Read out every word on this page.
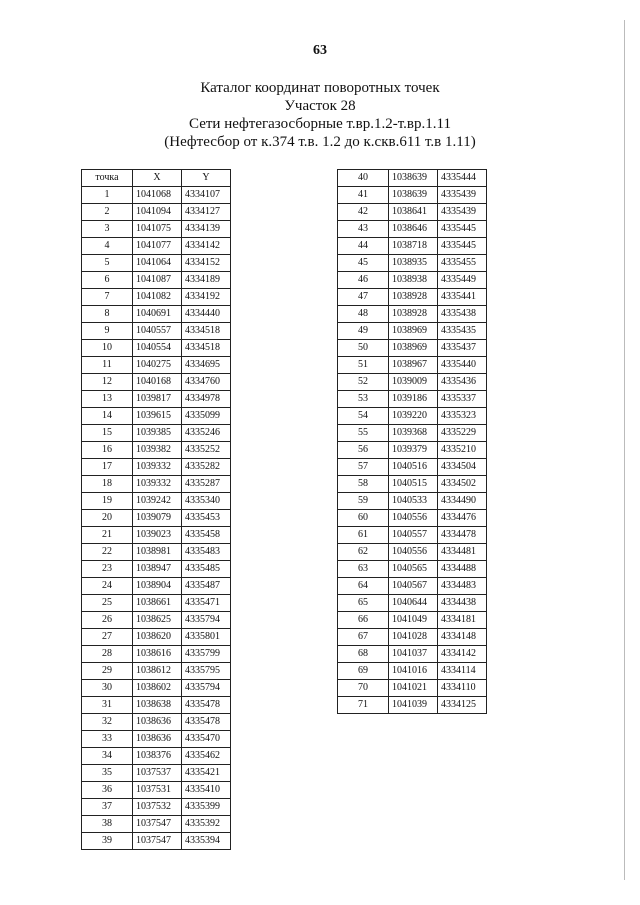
63
Каталог координат поворотных точек
Участок 28
Сети нефтегазосборные т.вр.1.2-т.вр.1.11
(Нефтесбор от к.374 т.в. 1.2 до к.скв.611 т.в 1.11)
точка	X	Y
1	1041068	4334107
2	1041094	4334127
3	1041075	4334139
4	1041077	4334142
5	1041064	4334152
6	1041087	4334189
7	1041082	4334192
8	1040691	4334440
9	1040557	4334518
10	1040554	4334518
11	1040275	4334695
12	1040168	4334760
13	1039817	4334978
14	1039615	4335099
15	1039385	4335246
16	1039382	4335252
17	1039332	4335282
18	1039332	4335287
19	1039242	4335340
20	1039079	4335453
21	1039023	4335458
22	1038981	4335483
23	1038947	4335485
24	1038904	4335487
25	1038661	4335471
26	1038625	4335794
27	1038620	4335801
28	1038616	4335799
29	1038612	4335795
30	1038602	4335794
31	1038638	4335478
32	1038636	4335478
33	1038636	4335470
34	1038376	4335462
35	1037537	4335421
36	1037531	4335410
37	1037532	4335399
38	1037547	4335392
39	1037547	4335394
40	1038639	4335444
41	1038639	4335439
42	1038641	4335439
43	1038646	4335445
44	1038718	4335445
45	1038935	4335455
46	1038938	4335449
47	1038928	4335441
48	1038928	4335438
49	1038969	4335435
50	1038969	4335437
51	1038967	4335440
52	1039009	4335436
53	1039186	4335337
54	1039220	4335323
55	1039368	4335229
56	1039379	4335210
57	1040516	4334504
58	1040515	4334502
59	1040533	4334490
60	1040556	4334476
61	1040557	4334478
62	1040556	4334481
63	1040565	4334488
64	1040567	4334483
65	1040644	4334438
66	1041049	4334181
67	1041028	4334148
68	1041037	4334142
69	1041016	4334114
70	1041021	4334110
71	1041039	4334125
